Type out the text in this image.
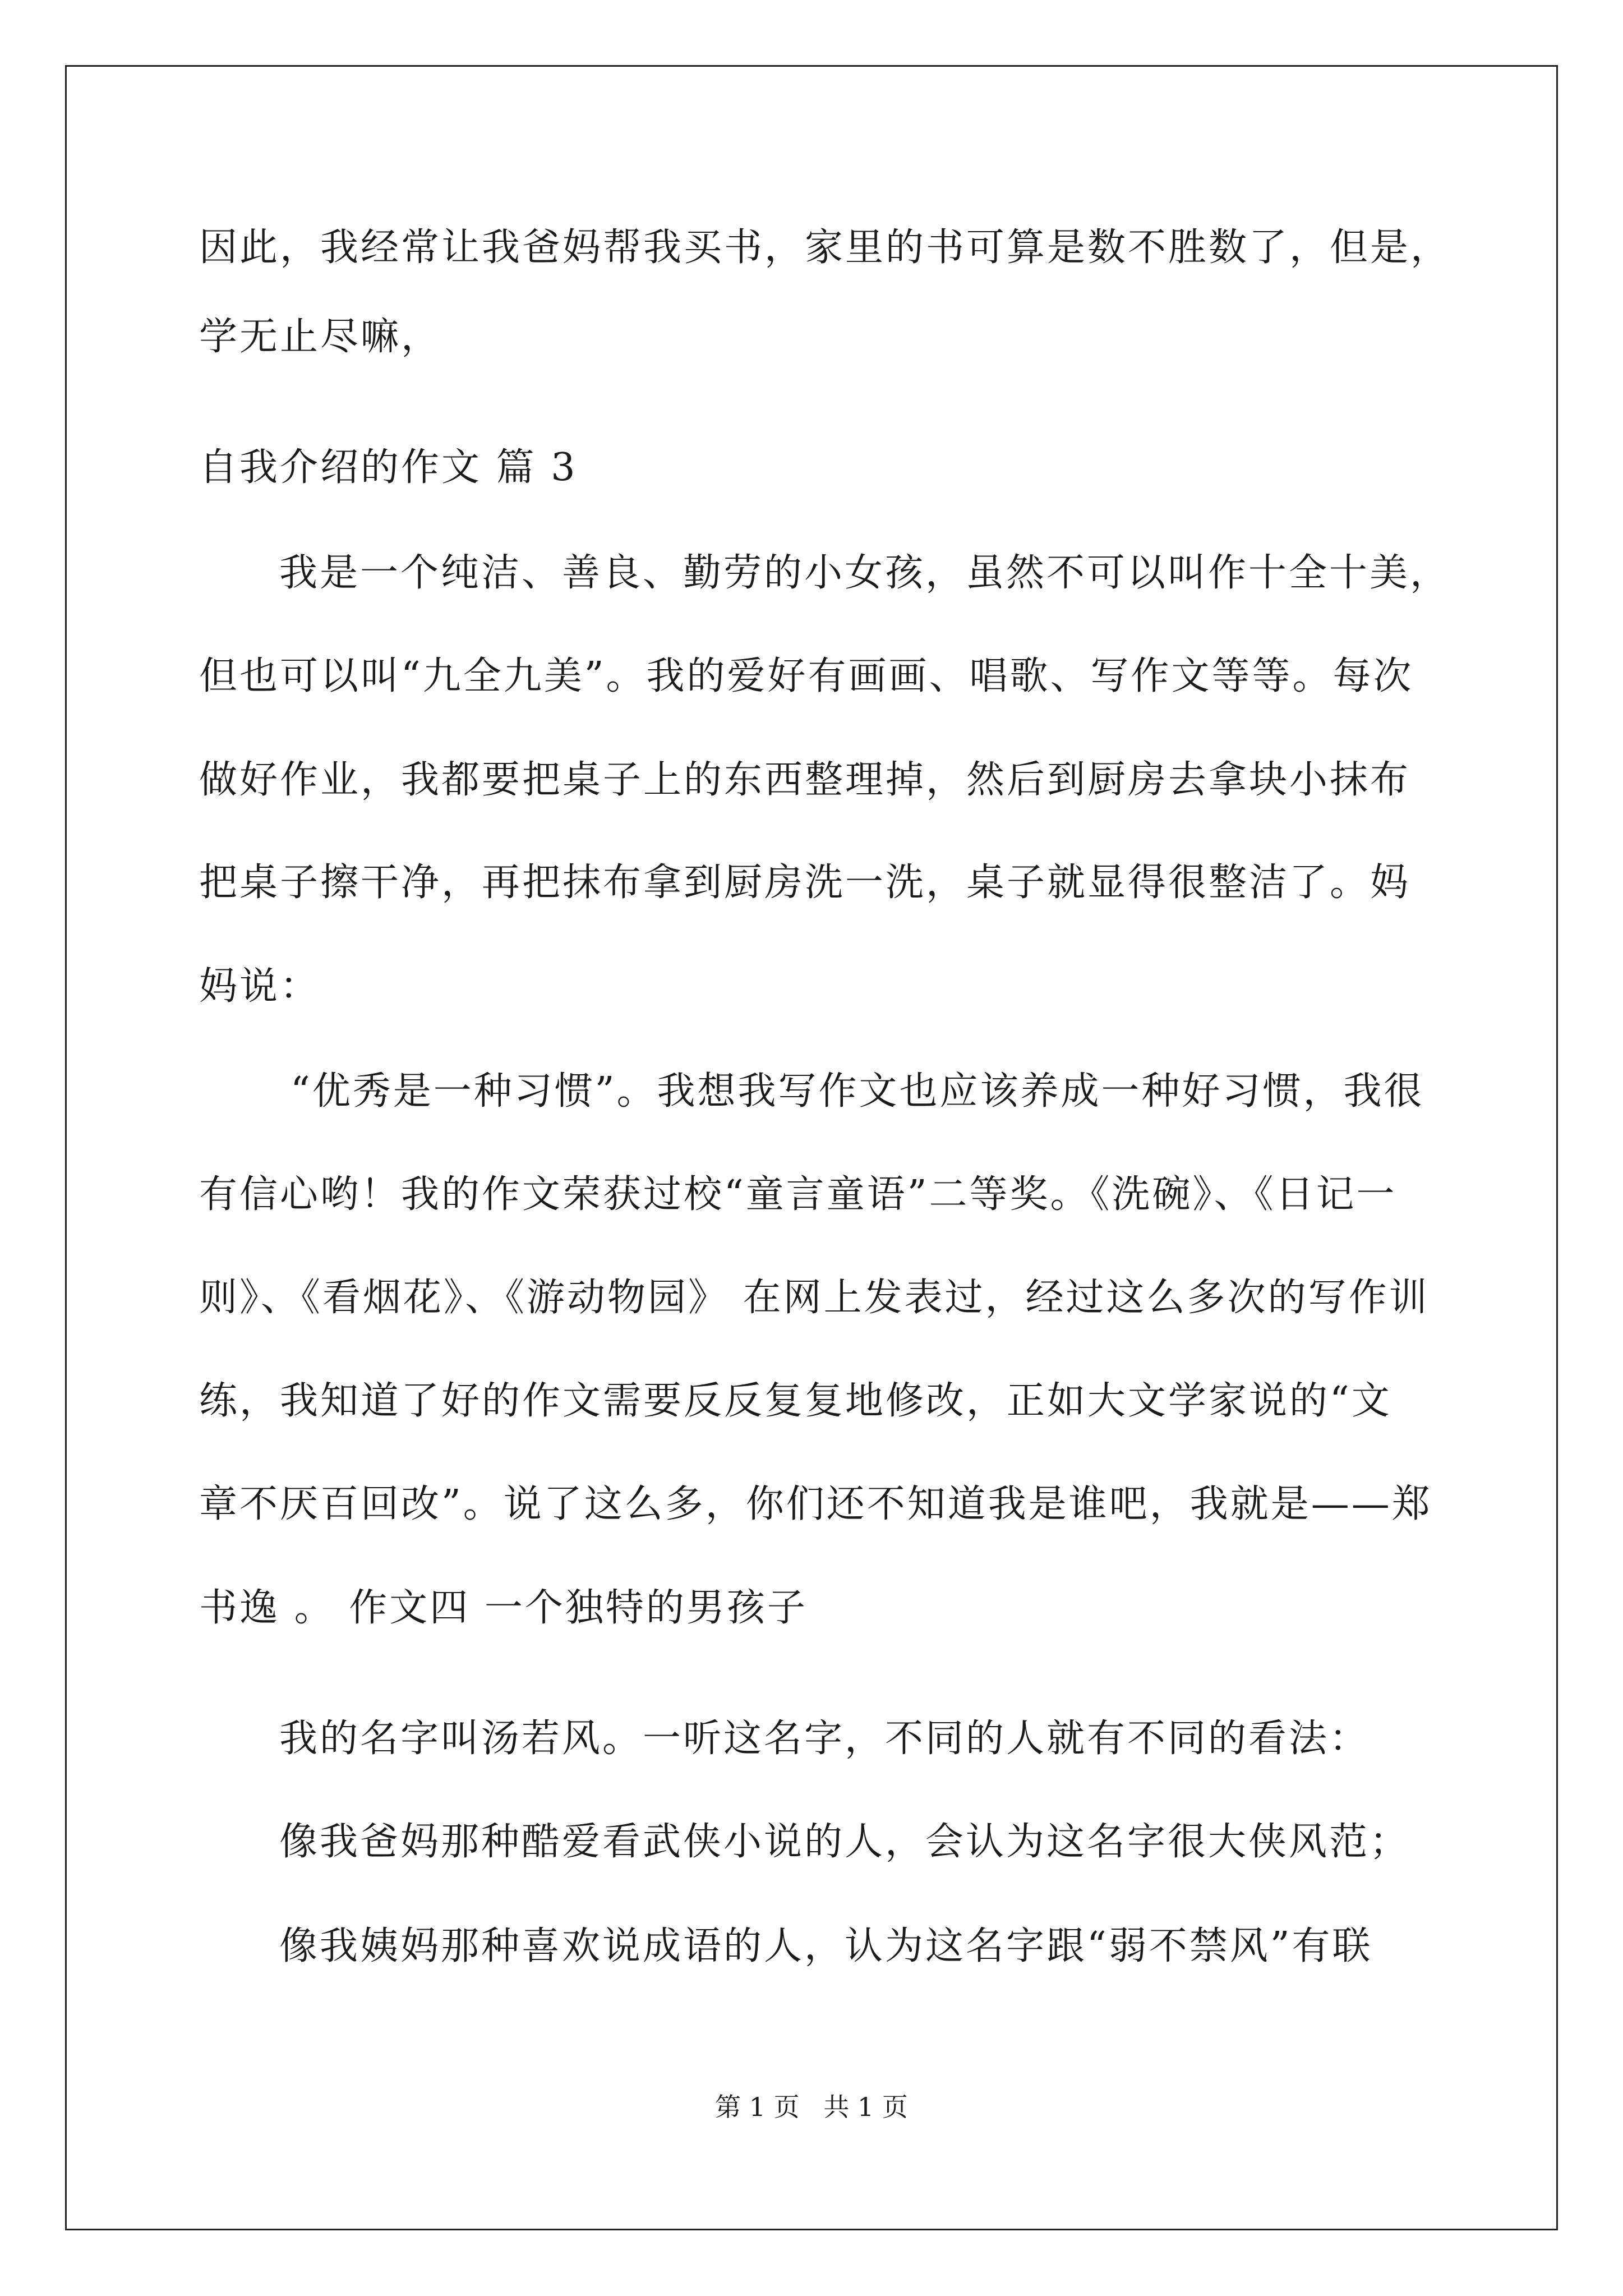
因此，我经常让我爸妈帮我买书，家里的书可算是数不胜数了，但是，
学无止尽嘛，
自我介绍的作文 篇 3
我是一个纯洁、善良、勤劳的小女孩，虽然不可以叫作十全十美，
但也可以叫“九全九美”。我的爱好有画画、唱歌、写作文等等。每次
做好作业，我都要把桌子上的东西整理掉，然后到厨房去拿块小抹布
把桌子擦干净，再把抹布拿到厨房洗一洗，桌子就显得很整洁了。妈
妈说：
“优秀是一种习惯”。我想我写作文也应该养成一种好习惯，我很
有信心哟！我的作文荣获过校“童言童语”二等奖。《洗碗》、《日记一
则》、《看烟花》、《游动物园》 在网上发表过，经过这么多次的写作训
练，我知道了好的作文需要反反复复地修改，正如大文学家说的“文
章不厌百回改”。说了这么多，你们还不知道我是谁吧，我就是——郑
书逸 。 作文四 一个独特的男孩子
我的名字叫汤若风。一听这名字，不同的人就有不同的看法：
像我爸妈那种酷爱看武侠小说的人，会认为这名字很大侠风范；
像我姨妈那种喜欢说成语的人，认为这名字跟“弱不禁风”有联
第 1 页 共 1 页
